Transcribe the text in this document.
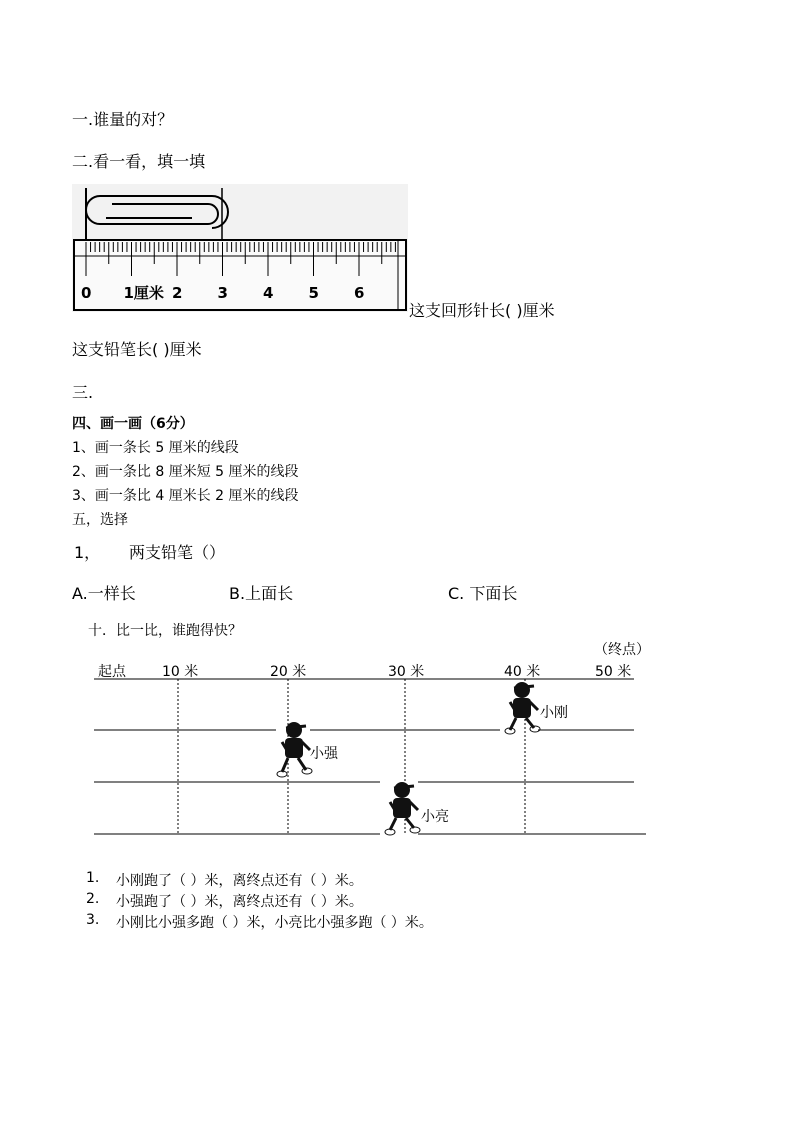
一.谁量的对？
二.看一看，填一填
0 1厘米 2 3 4 5 6
这支回形针长( )厘米
这支铅笔长( )厘米
三.
四、画一画（6分）
1、画一条长 5 厘米的线段
2、画一条比 8 厘米短 5 厘米的线段
3、画一条比 4 厘米长 2 厘米的线段
五，选择
1， 两支铅笔（）
A.一样长	B.上面长	C. 下面长
十．比一比，谁跑得快？
（终点）
起点	10 米	20 米	30 米	40 米	50 米
小刚
小强
小亮
1. 小刚跑了（ ）米，离终点还有（ ）米。
2. 小强跑了（ ）米，离终点还有（ ）米。
3. 小刚比小强多跑（ ）米，小亮比小强多跑（ ）米。
